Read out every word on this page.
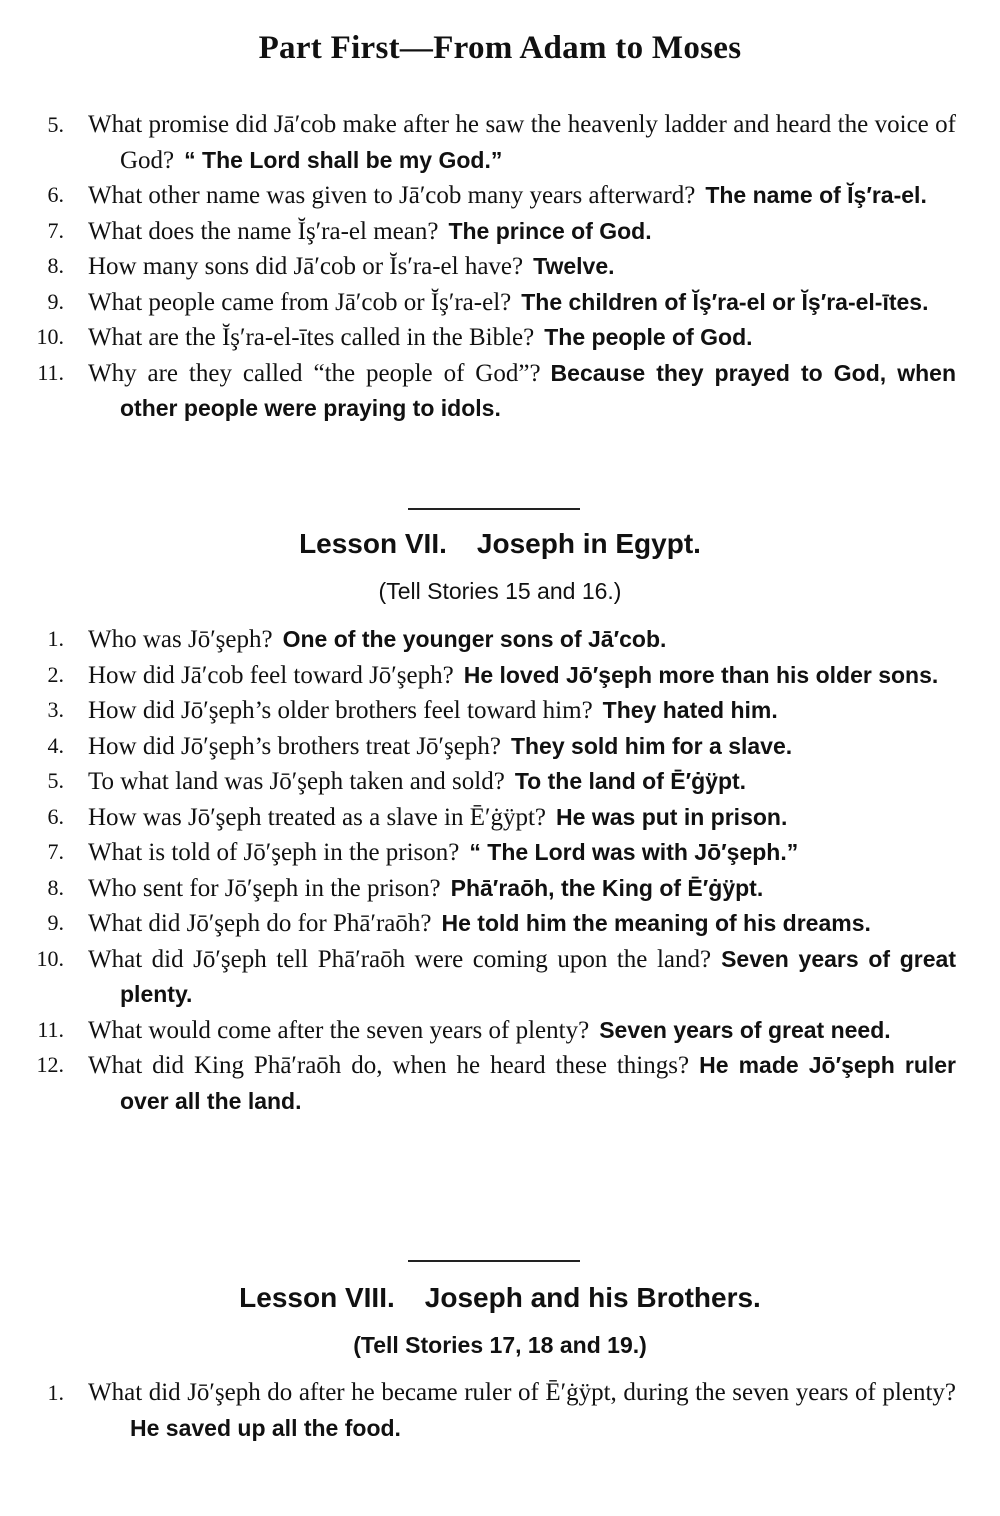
Part First—From Adam to Moses
5. What promise did Jā′cob make after he saw the heavenly ladder and heard the voice of God? “ The Lord shall be my God.”
6. What other name was given to Jā′cob many years afterward? The name of Ĭş′ra-el.
7. What does the name Ĭş′ra-el mean? The prince of God.
8. How many sons did Jā′cob or Ĭs′ra-el have? Twelve.
9. What people came from Jā′cob or Ĭş′ra-el? The children of Ĭş′ra-el or Ĭş′ra-el-ītes.
10. What are the Ĭş′ra-el-ītes called in the Bible? The people of God.
11. Why are they called “the people of God”? Because they prayed to God, when other people were praying to idols.
Lesson VII. Joseph in Egypt.
(Tell Stories 15 and 16.)
1. Who was Jō′şeph? One of the younger sons of Jā′cob.
2. How did Jā′cob feel toward Jō′şeph? He loved Jō′şeph more than his older sons.
3. How did Jō′şeph’s older brothers feel toward him? They hated him.
4. How did Jō′şeph’s brothers treat Jō′şeph? They sold him for a slave.
5. To what land was Jō′şeph taken and sold? To the land of Ē′ġÿpt.
6. How was Jō′şeph treated as a slave in Ē′ġÿpt? He was put in prison.
7. What is told of Jō′şeph in the prison? “ The Lord was with Jō′şeph.”
8. Who sent for Jō′şeph in the prison? Phā′raōh, the King of Ē′ġÿpt.
9. What did Jō′şeph do for Phā′raōh? He told him the meaning of his dreams.
10. What did Jō′şeph tell Phā′raōh were coming upon the land? Seven years of great plenty.
11. What would come after the seven years of plenty? Seven years of great need.
12. What did King Phā′raōh do, when he heard these things? He made Jō′şeph ruler over all the land.
Lesson VIII. Joseph and his Brothers.
(Tell Stories 17, 18 and 19.)
1. What did Jō′şeph do after he became ruler of Ē′ġÿpt, during the seven years of plenty?He saved up all the food.
